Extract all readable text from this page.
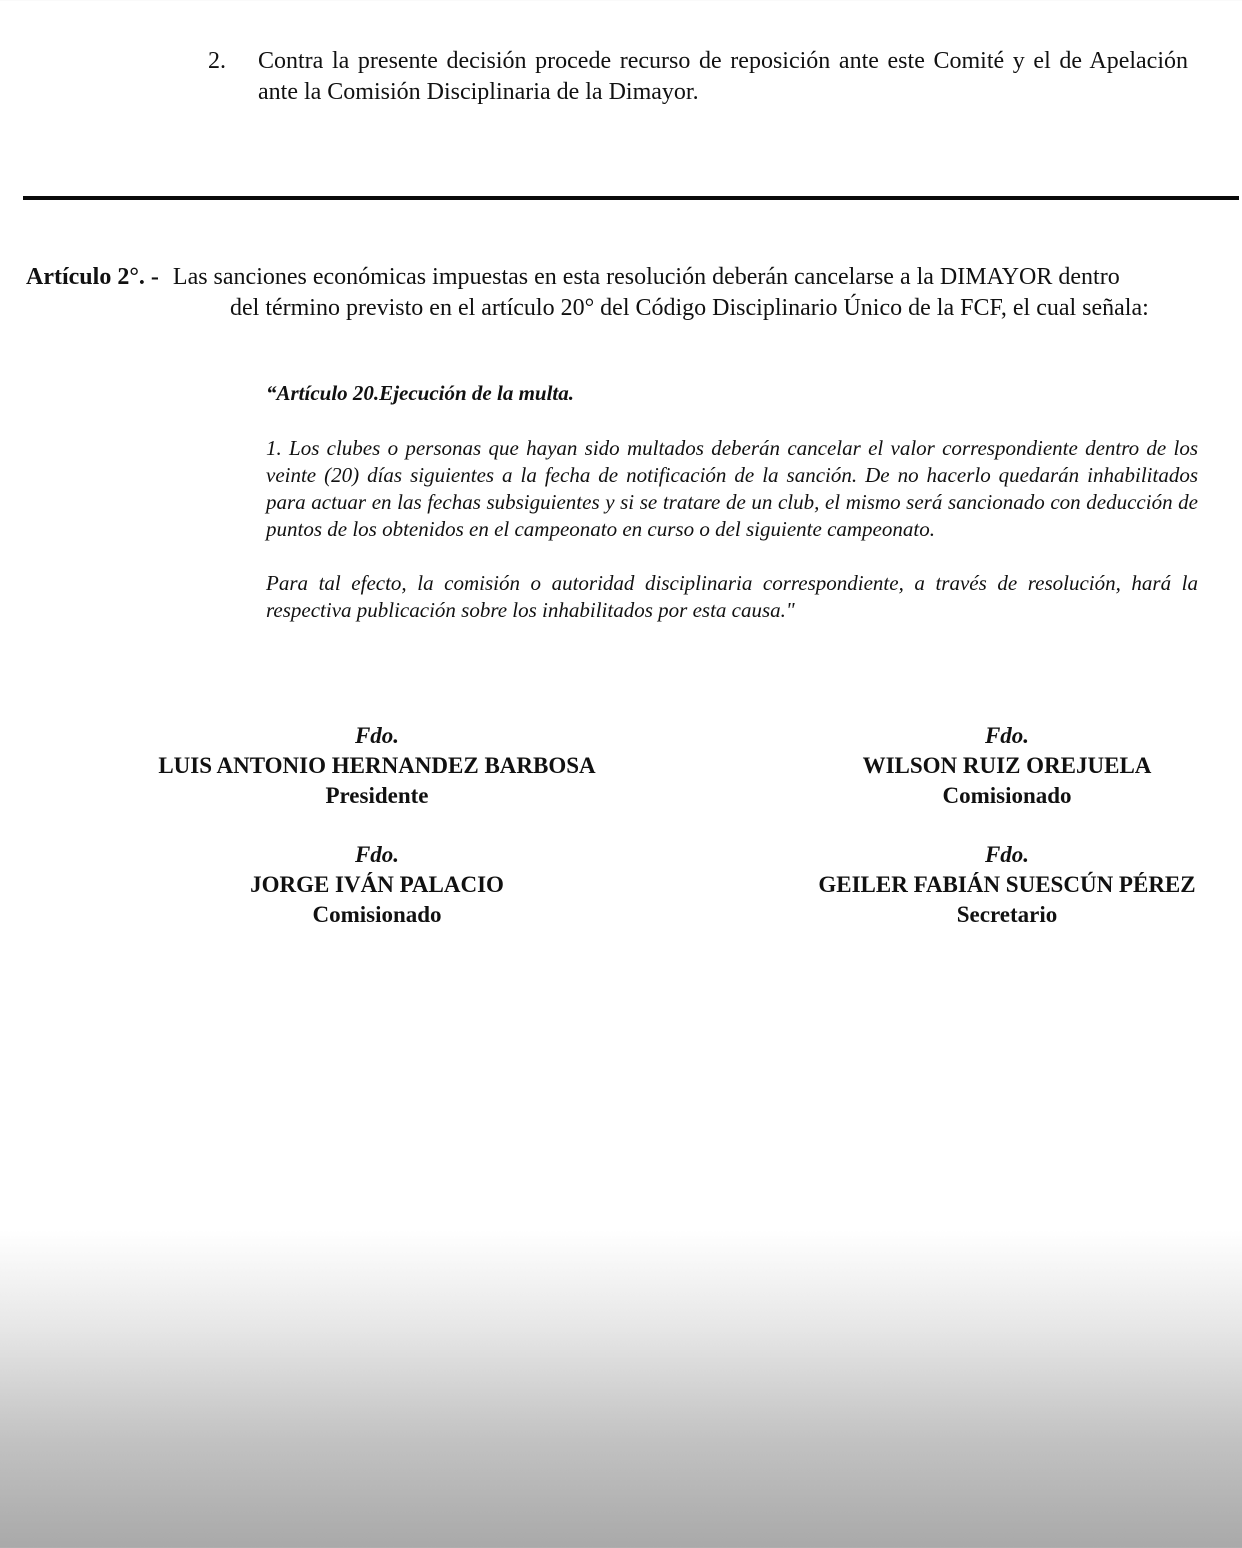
2. Contra la presente decisión procede recurso de reposición ante este Comité y el de Apelación ante la Comisión Disciplinaria de la Dimayor.
Artículo 2°. - Las sanciones económicas impuestas en esta resolución deberán cancelarse a la DIMAYOR dentro
del término previsto en el artículo 20° del Código Disciplinario Único de la FCF, el cual señala:

“Artículo 20.Ejecución de la multa.

1. Los clubes o personas que hayan sido multados deberán cancelar el valor correspondiente dentro de los veinte (20) días siguientes a la fecha de notificación de la sanción. De no hacerlo quedarán inhabilitados para actuar en las fechas subsiguientes y si se tratare de un club, el mismo será sancionado con deducción de puntos de los obtenidos en el campeonato en curso o del siguiente campeonato.

Para tal efecto, la comisión o autoridad disciplinaria correspondiente, a través de resolución, hará la respectiva publicación sobre los inhabilitados por esta causa."

Fdo.
LUIS ANTONIO HERNANDEZ BARBOSA
Presidente
Fdo.
WILSON RUIZ OREJUELA
Comisionado
Fdo.
JORGE IVÁN PALACIO
Comisionado
Fdo.
GEILER FABIÁN SUESCÚN PÉREZ
Secretario
